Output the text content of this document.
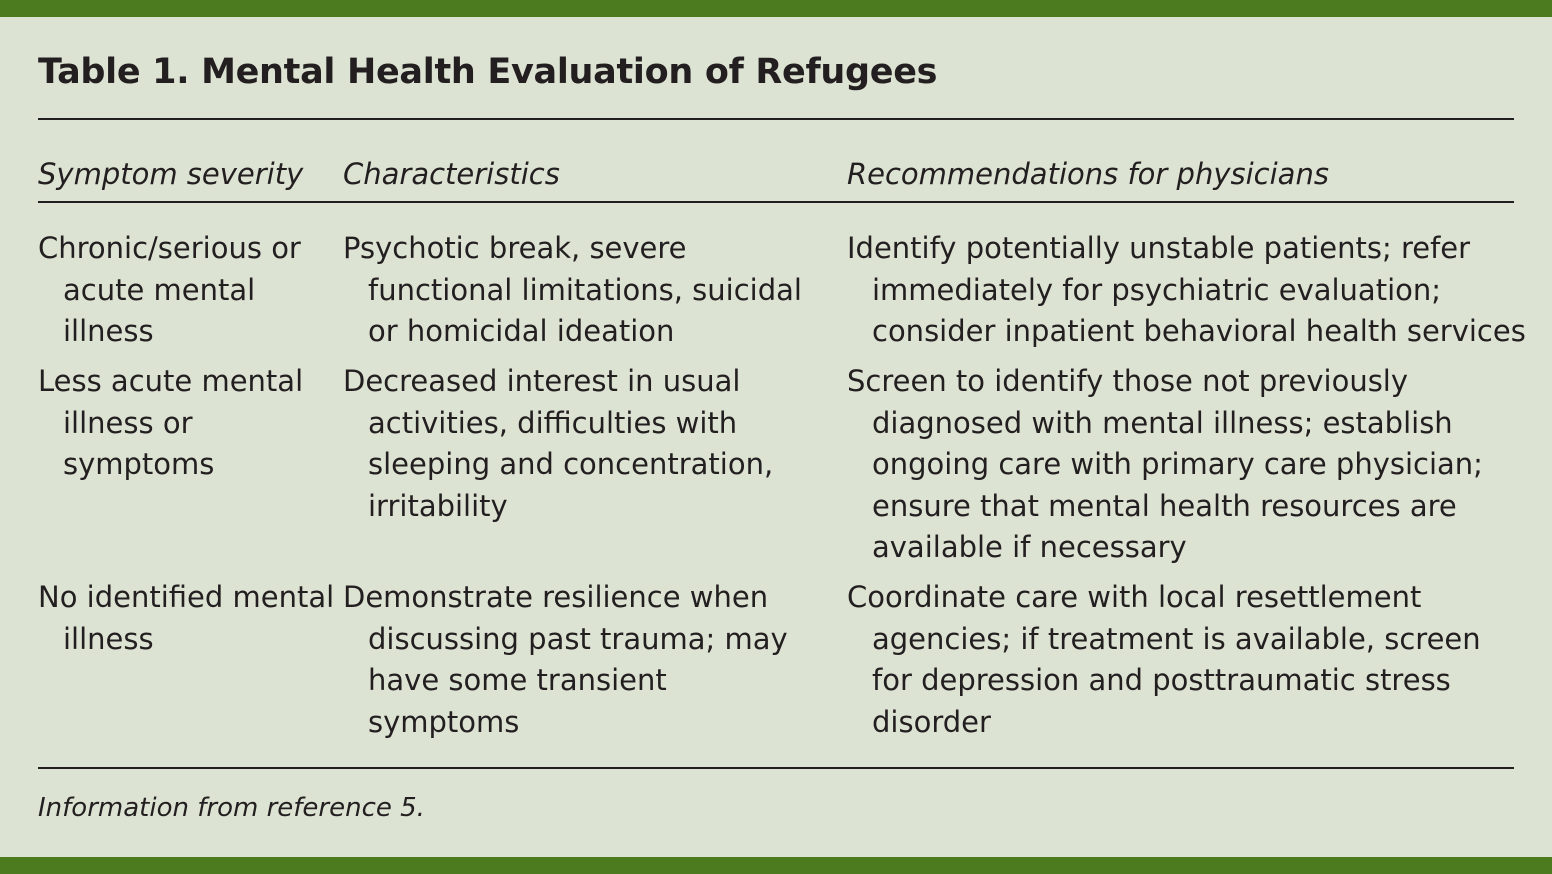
Table 1. Mental Health Evaluation of Refugees
Symptom severity	Characteristics	Recommendations for physicians
Chronic/serious or acute mental illness
Psychotic break, severe functional limitations, suicidal or homicidal ideation
Identify potentially unstable patients; refer immediately for psychiatric evaluation; consider inpatient behavioral health services
Less acute mental illness or symptoms
Decreased interest in usual activities, difficulties with sleeping and concentration, irritability
Screen to identify those not previously diagnosed with mental illness; establish ongoing care with primary care physician; ensure that mental health resources are available if necessary
No identified mental illness
Demonstrate resilience when discussing past trauma; may have some transient symptoms
Coordinate care with local resettlement agencies; if treatment is available, screen for depression and posttraumatic stress disorder
Information from reference 5.
